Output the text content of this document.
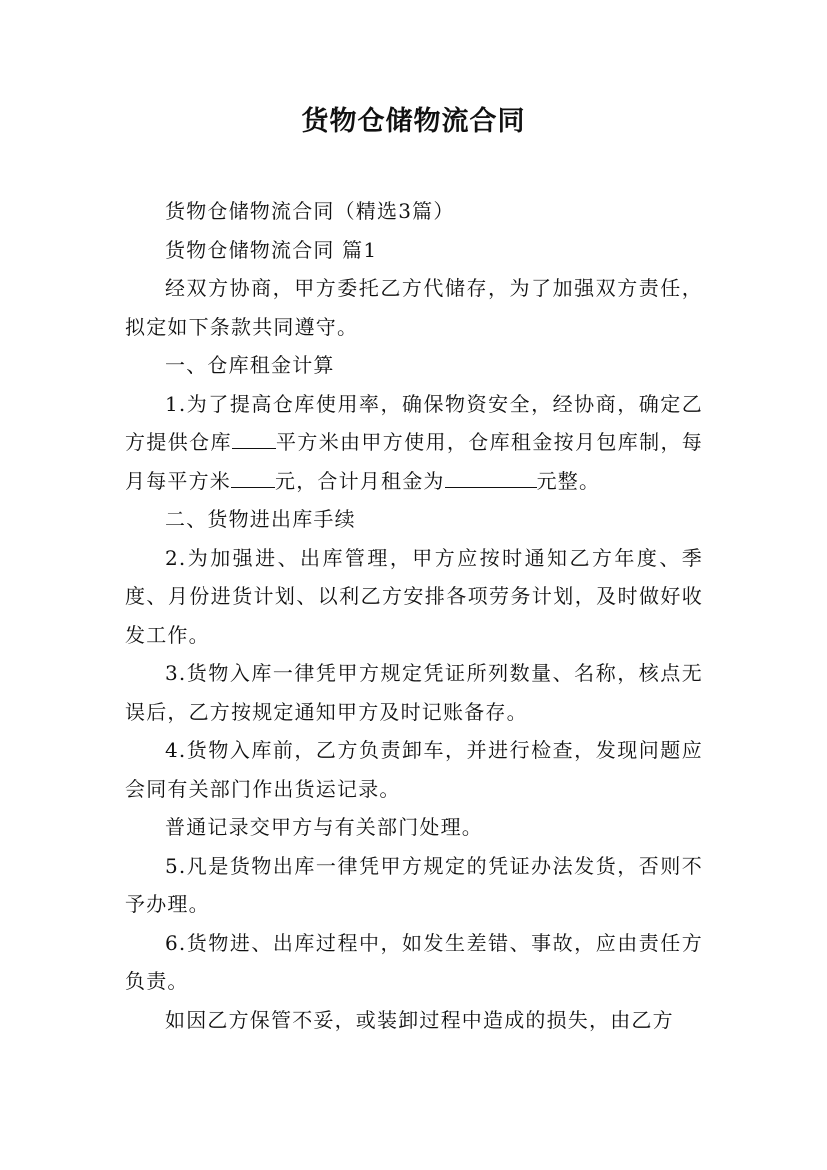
货物仓储物流合同

货物仓储物流合同（精选3篇）

货物仓储物流合同 篇1

经双方协商，甲方委托乙方代储存，为了加强双方责任，拟定如下条款共同遵守。

一、仓库租金计算

1.为了提高仓库使用率，确保物资安全，经协商，确定乙方提供仓库 平方米由甲方使用，仓库租金按月包库制，每月每平方米 元，合计月租金为	元整。

二、货物进出库手续

2.为加强进、出库管理，甲方应按时通知乙方年度、季度、月份进货计划、以利乙方安排各项劳务计划，及时做好收发工作。

3.货物入库一律凭甲方规定凭证所列数量、名称，核点无误后，乙方按规定通知甲方及时记账备存。

4.货物入库前，乙方负责卸车，并进行检查，发现问题应会同有关部门作出货运记录。

普通记录交甲方与有关部门处理。

5.凡是货物出库一律凭甲方规定的凭证办法发货，否则不予办理。

6.货物进、出库过程中，如发生差错、事故，应由责任方负责。

如因乙方保管不妥，或装卸过程中造成的损失，由乙方
